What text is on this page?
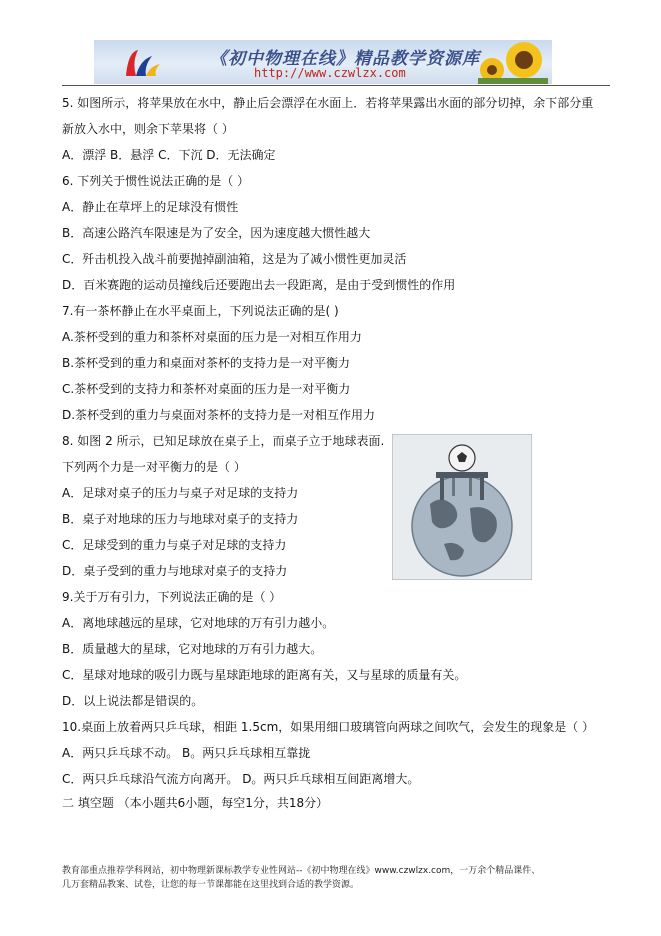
《初中物理在线》精品教学资源库
http://www.czwlzx.com
5. 如图所示，将苹果放在水中，静止后会漂浮在水面上．若将苹果露出水面的部分切掉，余下部分重
新放入水中，则余下苹果将（ ）
A．漂浮 B．悬浮 C．下沉 D．无法确定
6. 下列关于惯性说法正确的是（ ）
A．静止在草坪上的足球没有惯性
B．高速公路汽车限速是为了安全，因为速度越大惯性越大
C．歼击机投入战斗前要抛掉副油箱，这是为了减小惯性更加灵活
D．百米赛跑的运动员撞线后还要跑出去一段距离，是由于受到惯性的作用
7.有一茶杯静止在水平桌面上，下列说法正确的是( )
A.茶杯受到的重力和茶杯对桌面的压力是一对相互作用力
B.茶杯受到的重力和桌面对茶杯的支持力是一对平衡力
C.茶杯受到的支持力和茶杯对桌面的压力是一对平衡力
D.茶杯受到的重力与桌面对茶杯的支持力是一对相互作用力
8. 如图 2 所示，已知足球放在桌子上，而桌子立于地球表面.
下列两个力是一对平衡力的是（ ）
A．足球对桌子的压力与桌子对足球的支持力
B．桌子对地球的压力与地球对桌子的支持力
C．足球受到的重力与桌子对足球的支持力
D．桌子受到的重力与地球对桌子的支持力
9.关于万有引力，下列说法正确的是（ ）
A．离地球越远的星球，它对地球的万有引力越小。
B．质量越大的星球，它对地球的万有引力越大。
C．星球对地球的吸引力既与星球距地球的距离有关，又与星球的质量有关。
D．以上说法都是错误的。
10.桌面上放着两只乒乓球，相距 1.5cm，如果用细口玻璃管向两球之间吹气，会发生的现象是（ ）
A．两只乒乓球不动。 B。两只乒乓球相互靠拢
C．两只乒乓球沿气流方向离开。 D。两只乒乓球相互间距离增大。
二 填空题 （本小题共6小题，每空1分，共18分）
教育部重点推荐学科网站，初中物理新课标教学专业性网站--《初中物理在线》www.czwlzx.com，一万余个精品课件、
几万套精品教案、试卷，让您的每一节课都能在这里找到合适的教学资源。
